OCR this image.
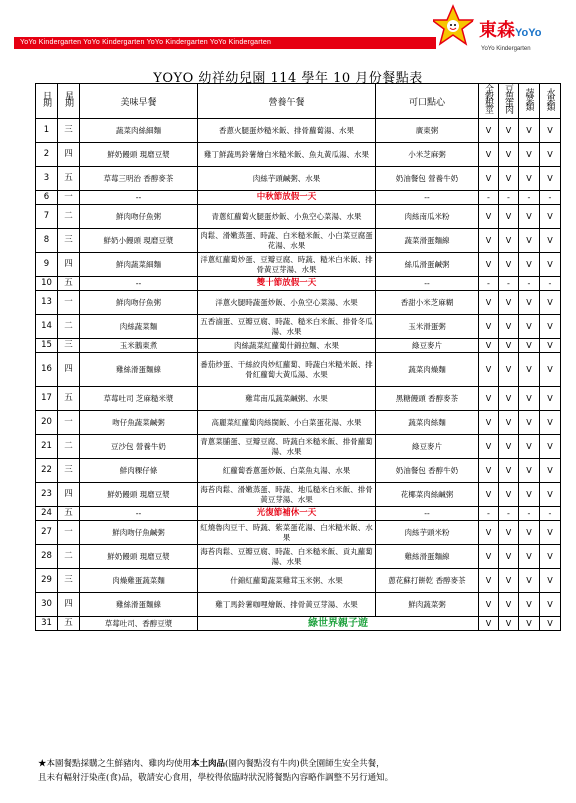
YoYo Kindergarten YoYo Kindergarten YoYo Kindergarten YoYo Kindergarten
東森 YoYo
YoYo Kindergarten
YOYO 幼祥幼兒園 114 學年 10 月份餐點表
日期	星期	美味早餐	營養午餐	可口點心	全穀根莖	豆魚蛋肉	蔬菜類	水果類
1	三	蔬菜肉絲細麵	香蔥火腿蛋炒糙米飯、排骨蘿蔔湯、水果	廣東粥	V	V	V	V
2	四	鮮奶饅頭 現磨豆漿	雞丁鮮蔬馬鈴薯燴白米糙米飯、魚丸黃瓜湯、水果	小米芝麻粥	V	V	V	V
3	五	草莓三明治 香醇麥茶	肉絲芋頭鹹粥、水果	奶油餐包 營養牛奶	V	V	V	V
6	一	--	中秋節放假一天	--	-	-	-	-
7	二	鮮肉吻仔魚粥	青蔥紅蘿蔔火腿蛋炒飯、小魚空心菜湯、水果	肉絲南瓜米粉	V	V	V	V
8	三	鮮奶小饅頭 現磨豆漿	肉鬆、滑嫩蒸蛋、時蔬、白米糙米飯、小白菜豆腐蛋花湯、水果	蔬菜滑蛋麵線	V	V	V	V
9	四	鮮肉蔬菜細麵	洋蔥紅蘿蔔炒蛋、豆瓣豆腐、時蔬、糙米白米飯、排骨黃豆芽湯、水果	絲瓜滑蛋鹹粥	V	V	V	V
10	五	--	雙十節放假一天	--	-	-	-	-
13	一	鮮肉吻仔魚粥	洋蔥火腿時蔬蛋炒飯、小魚空心菜湯、水果	香甜小米芝麻糊	V	V	V	V
14	二	肉絲蔬菜麵	五香滷蛋、豆瓣豆腐、時蔬、糙米白米飯、排骨冬瓜湯、水果	玉米滑蛋粥	V	V	V	V
15	三	玉米鵝東煮	肉絲蔬菜紅蘿蔔什錦拉麵、水果	綠豆麥片	V	V	V	V
16	四	雞絲滑蛋麵線	番茄炒蛋、干絲絞肉炒紅蘿蔔、時蔬白米糙米飯、排骨紅蘿蔔大黃瓜湯、水果	蔬菜肉燥麵	V	V	V	V
17	五	草莓吐司 芝麻糙米漿	雞茸南瓜蔬菜鹹粥、水果	黑糖饅頭 香醇麥茶	V	V	V	V
20	一	吻仔魚蔬菜鹹粥	高麗菜紅蘿蔔肉絲閩飯、小白菜蛋花湯、水果	蔬菜肉絲麵	V	V	V	V
21	二	豆沙包 營養牛奶	青蔥菜脯蛋、豆瓣豆腐、時蔬白米糙米飯、排骨蘿蔔湯、水果	綠豆麥片	V	V	V	V
22	三	鮮肉粿仔條	紅蘿蔔香蔥蛋炒飯、白菜魚丸湯、水果	奶油餐包 香醇牛奶	V	V	V	V
23	四	鮮奶饅頭 現磨豆漿	海苔肉鬆、滑嫩蒸蛋、時蔬、地瓜糙米白米飯、排骨黃豆芽湯、水果	花椰菜肉絲鹹粥	V	V	V	V
24	五	--	光復節補休一天	--	-	-	-	-
27	一	鮮肉吻仔魚鹹粥	紅燒魯肉豆干、時蔬、紫菜蛋花湯、白米糙米飯、水果	肉絲芋頭米粉	V	V	V	V
28	二	鮮奶饅頭 現磨豆漿	海苔肉鬆、豆瓣豆腐、時蔬、白米糙米飯、貢丸蘿蔔湯、水果	雞絲滑蛋麵線	V	V	V	V
29	三	肉燥雞蛋蔬菜麵	什錦紅蘿蔔蔬菜雞茸玉米粥、水果	蔥花蘇打餅乾 香醇麥茶	V	V	V	V
30	四	雞絲滑蛋麵線	雞丁馬鈴薯咖哩燴飯、排骨黃豆芽湯、水果	鮮肉蔬菜粥	V	V	V	V
31	五	草莓吐司、香醇豆漿	綠世界親子遊		V	V	V	V
★本園餐點採購之生鮮豬肉、雞肉均使用本土肉品(園內餐點沒有牛肉)供全園師生安全共餐，
且未有輻射汙染產(食)品，敬請安心食用，學校得依臨時狀況將餐點內容略作調整不另行通知。
